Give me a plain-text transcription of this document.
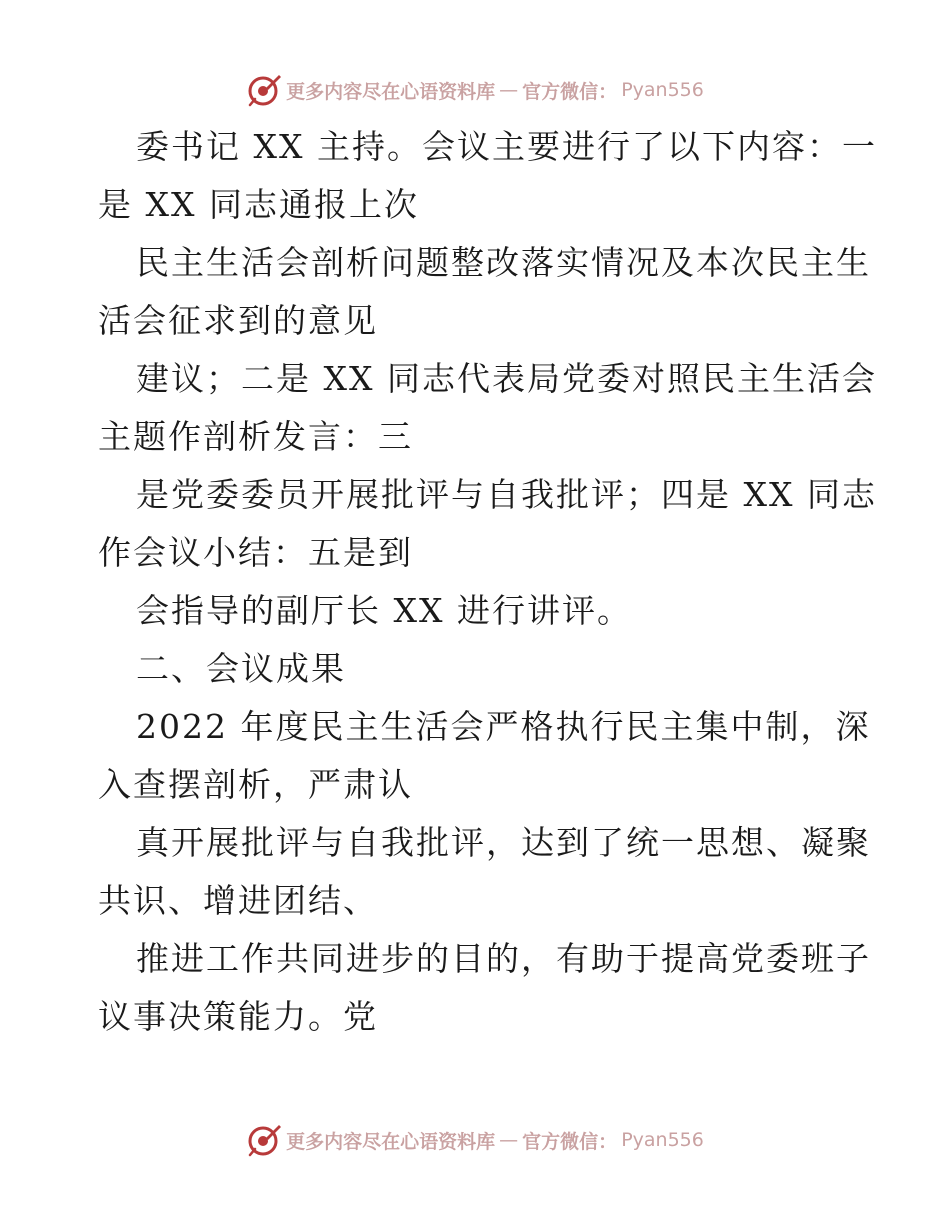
更多内容尽在心语资料库 — 官方微信： Pyan556
委书记 XX 主持。会议主要进行了以下内容：一
是 XX 同志通报上次
民主生活会剖析问题整改落实情况及本次民主生
活会征求到的意见
建议；二是 XX 同志代表局党委对照民主生活会
主题作剖析发言：三
是党委委员开展批评与自我批评；四是 XX 同志
作会议小结：五是到
会指导的副厅长 XX 进行讲评。
二、会议成果
2022 年度民主生活会严格执行民主集中制，深
入查摆剖析，严肃认
真开展批评与自我批评，达到了统一思想、凝聚
共识、增进团结、
推进工作共同进步的目的，有助于提高党委班子
议事决策能力。党
更多内容尽在心语资料库 — 官方微信： Pyan556
